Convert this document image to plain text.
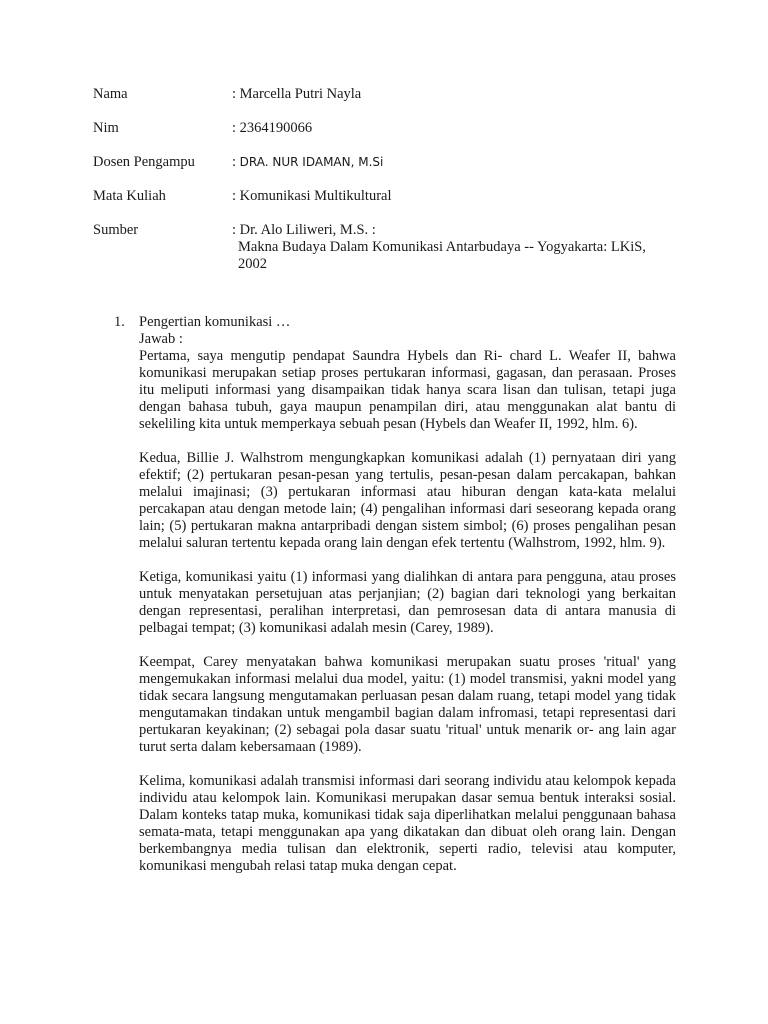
Nama	: Marcella Putri Nayla
Nim	: 2364190066
Dosen Pengampu	: DRA. NUR IDAMAN, M.Si
Mata Kuliah	: Komunikasi Multikultural
Sumber	: Dr. Alo Liliweri, M.S. :
Makna Budaya Dalam Komunikasi Antarbudaya -- Yogyakarta: LKiS, 2002
1. Pengertian komunikasi …

Jawab :

Pertama, saya mengutip pendapat Saundra Hybels dan Ri- chard L. Weafer II, bahwa komunikasi merupakan setiap proses pertukaran informasi, gagasan, dan perasaan. Proses itu meliputi informasi yang disampaikan tidak hanya scara lisan dan tulisan, tetapi juga dengan bahasa tubuh, gaya maupun penampilan diri, atau menggunakan alat bantu di sekeliling kita untuk memperkaya sebuah pesan (Hybels dan Weafer II, 1992, hlm. 6).

Kedua, Billie J. Walhstrom mengungkapkan komunikasi adalah (1) pernyataan diri yang efektif; (2) pertukaran pesan-pesan yang tertulis, pesan-pesan dalam percakapan, bahkan melalui imajinasi; (3) pertukaran informasi atau hiburan dengan kata-kata melalui percakapan atau dengan metode lain; (4) pengalihan informasi dari seseorang kepada orang lain; (5) pertukaran makna antarpribadi dengan sistem simbol; (6) proses pengalihan pesan melalui saluran tertentu kepada orang lain dengan efek tertentu (Walhstrom, 1992, hlm. 9).

Ketiga, komunikasi yaitu (1) informasi yang dialihkan di antara para pengguna, atau proses untuk menyatakan persetujuan atas perjanjian; (2) bagian dari teknologi yang berkaitan dengan representasi, peralihan interpretasi, dan pemrosesan data di antara manusia di pelbagai tempat; (3) komunikasi adalah mesin (Carey, 1989).

Keempat, Carey menyatakan bahwa komunikasi merupakan suatu proses 'ritual' yang mengemukakan informasi melalui dua model, yaitu: (1) model transmisi, yakni model yang tidak secara langsung mengutamakan perluasan pesan dalam ruang, tetapi model yang tidak mengutamakan tindakan untuk mengambil bagian dalam infromasi, tetapi representasi dari pertukaran keyakinan; (2) sebagai pola dasar suatu 'ritual' untuk menarik or- ang lain agar turut serta dalam kebersamaan (1989).

Kelima, komunikasi adalah transmisi informasi dari seorang individu atau kelompok kepada individu atau kelompok lain. Komunikasi merupakan dasar semua bentuk interaksi sosial. Dalam konteks tatap muka, komunikasi tidak saja diperlihatkan melalui penggunaan bahasa semata-mata, tetapi menggunakan apa yang dikatakan dan dibuat oleh orang lain. Dengan berkembangnya media tulisan dan elektronik, seperti radio, televisi atau komputer, komunikasi mengubah relasi tatap muka dengan cepat.
